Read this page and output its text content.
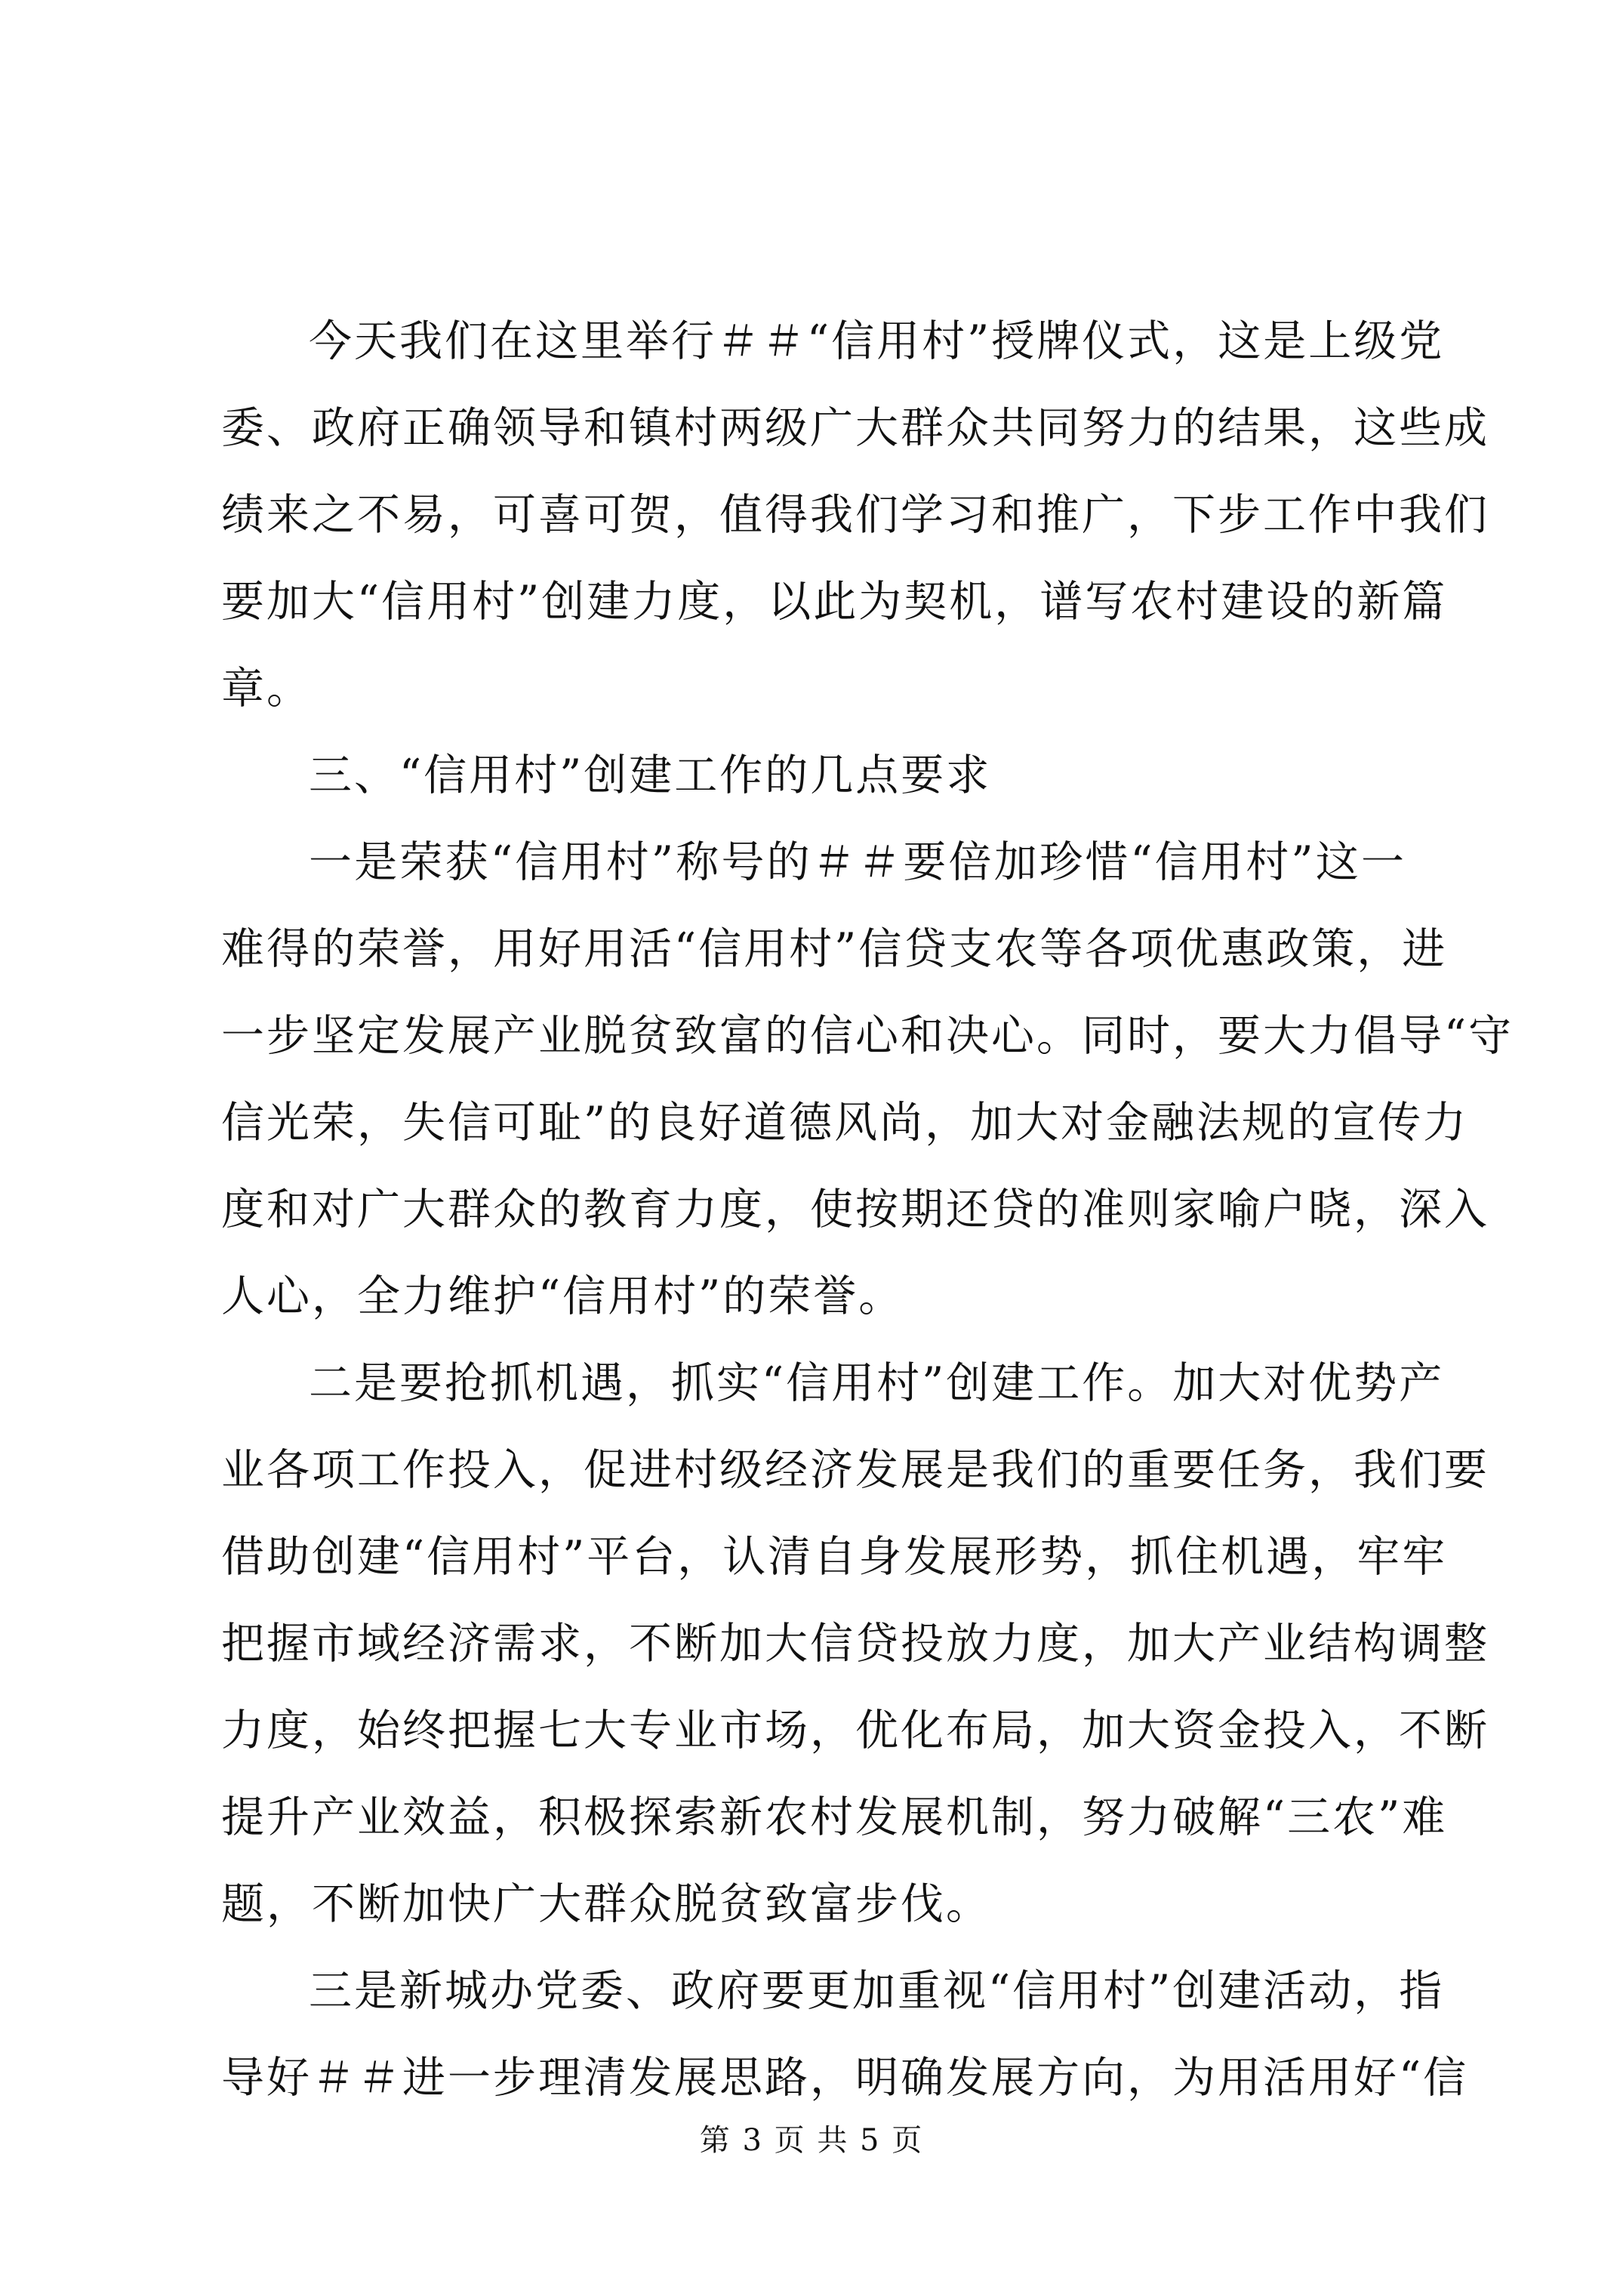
今天我们在这里举行＃＃“信用村”授牌仪式，这是上级党
委、政府正确领导和镇村两级广大群众共同努力的结果，这些成
绩来之不易，可喜可贺，值得我们学习和推广，下步工作中我们
要加大“信用村”创建力度，以此为契机，谱写农村建设的新篇
章。
三、“信用村”创建工作的几点要求
一是荣获“信用村”称号的＃＃要倍加珍惜“信用村”这一
难得的荣誉，用好用活“信用村”信贷支农等各项优惠政策，进
一步坚定发展产业脱贫致富的信心和决心。同时，要大力倡导“守
信光荣，失信可耻”的良好道德风尚，加大对金融法规的宣传力
度和对广大群众的教育力度，使按期还贷的准则家喻户晓，深入
人心，全力维护“信用村”的荣誉。
二是要抢抓机遇，抓实“信用村”创建工作。加大对优势产
业各项工作投入，促进村级经济发展是我们的重要任务，我们要
借助创建“信用村”平台，认清自身发展形势，抓住机遇，牢牢
把握市域经济需求，不断加大信贷投放力度，加大产业结构调整
力度，始终把握七大专业市场，优化布局，加大资金投入，不断
提升产业效益，积极探索新农村发展机制，努力破解“三农”难
题，不断加快广大群众脱贫致富步伐。
三是新城办党委、政府要更加重视“信用村”创建活动，指
导好＃＃进一步理清发展思路，明确发展方向，为用活用好“信
第 3 页 共 5 页
